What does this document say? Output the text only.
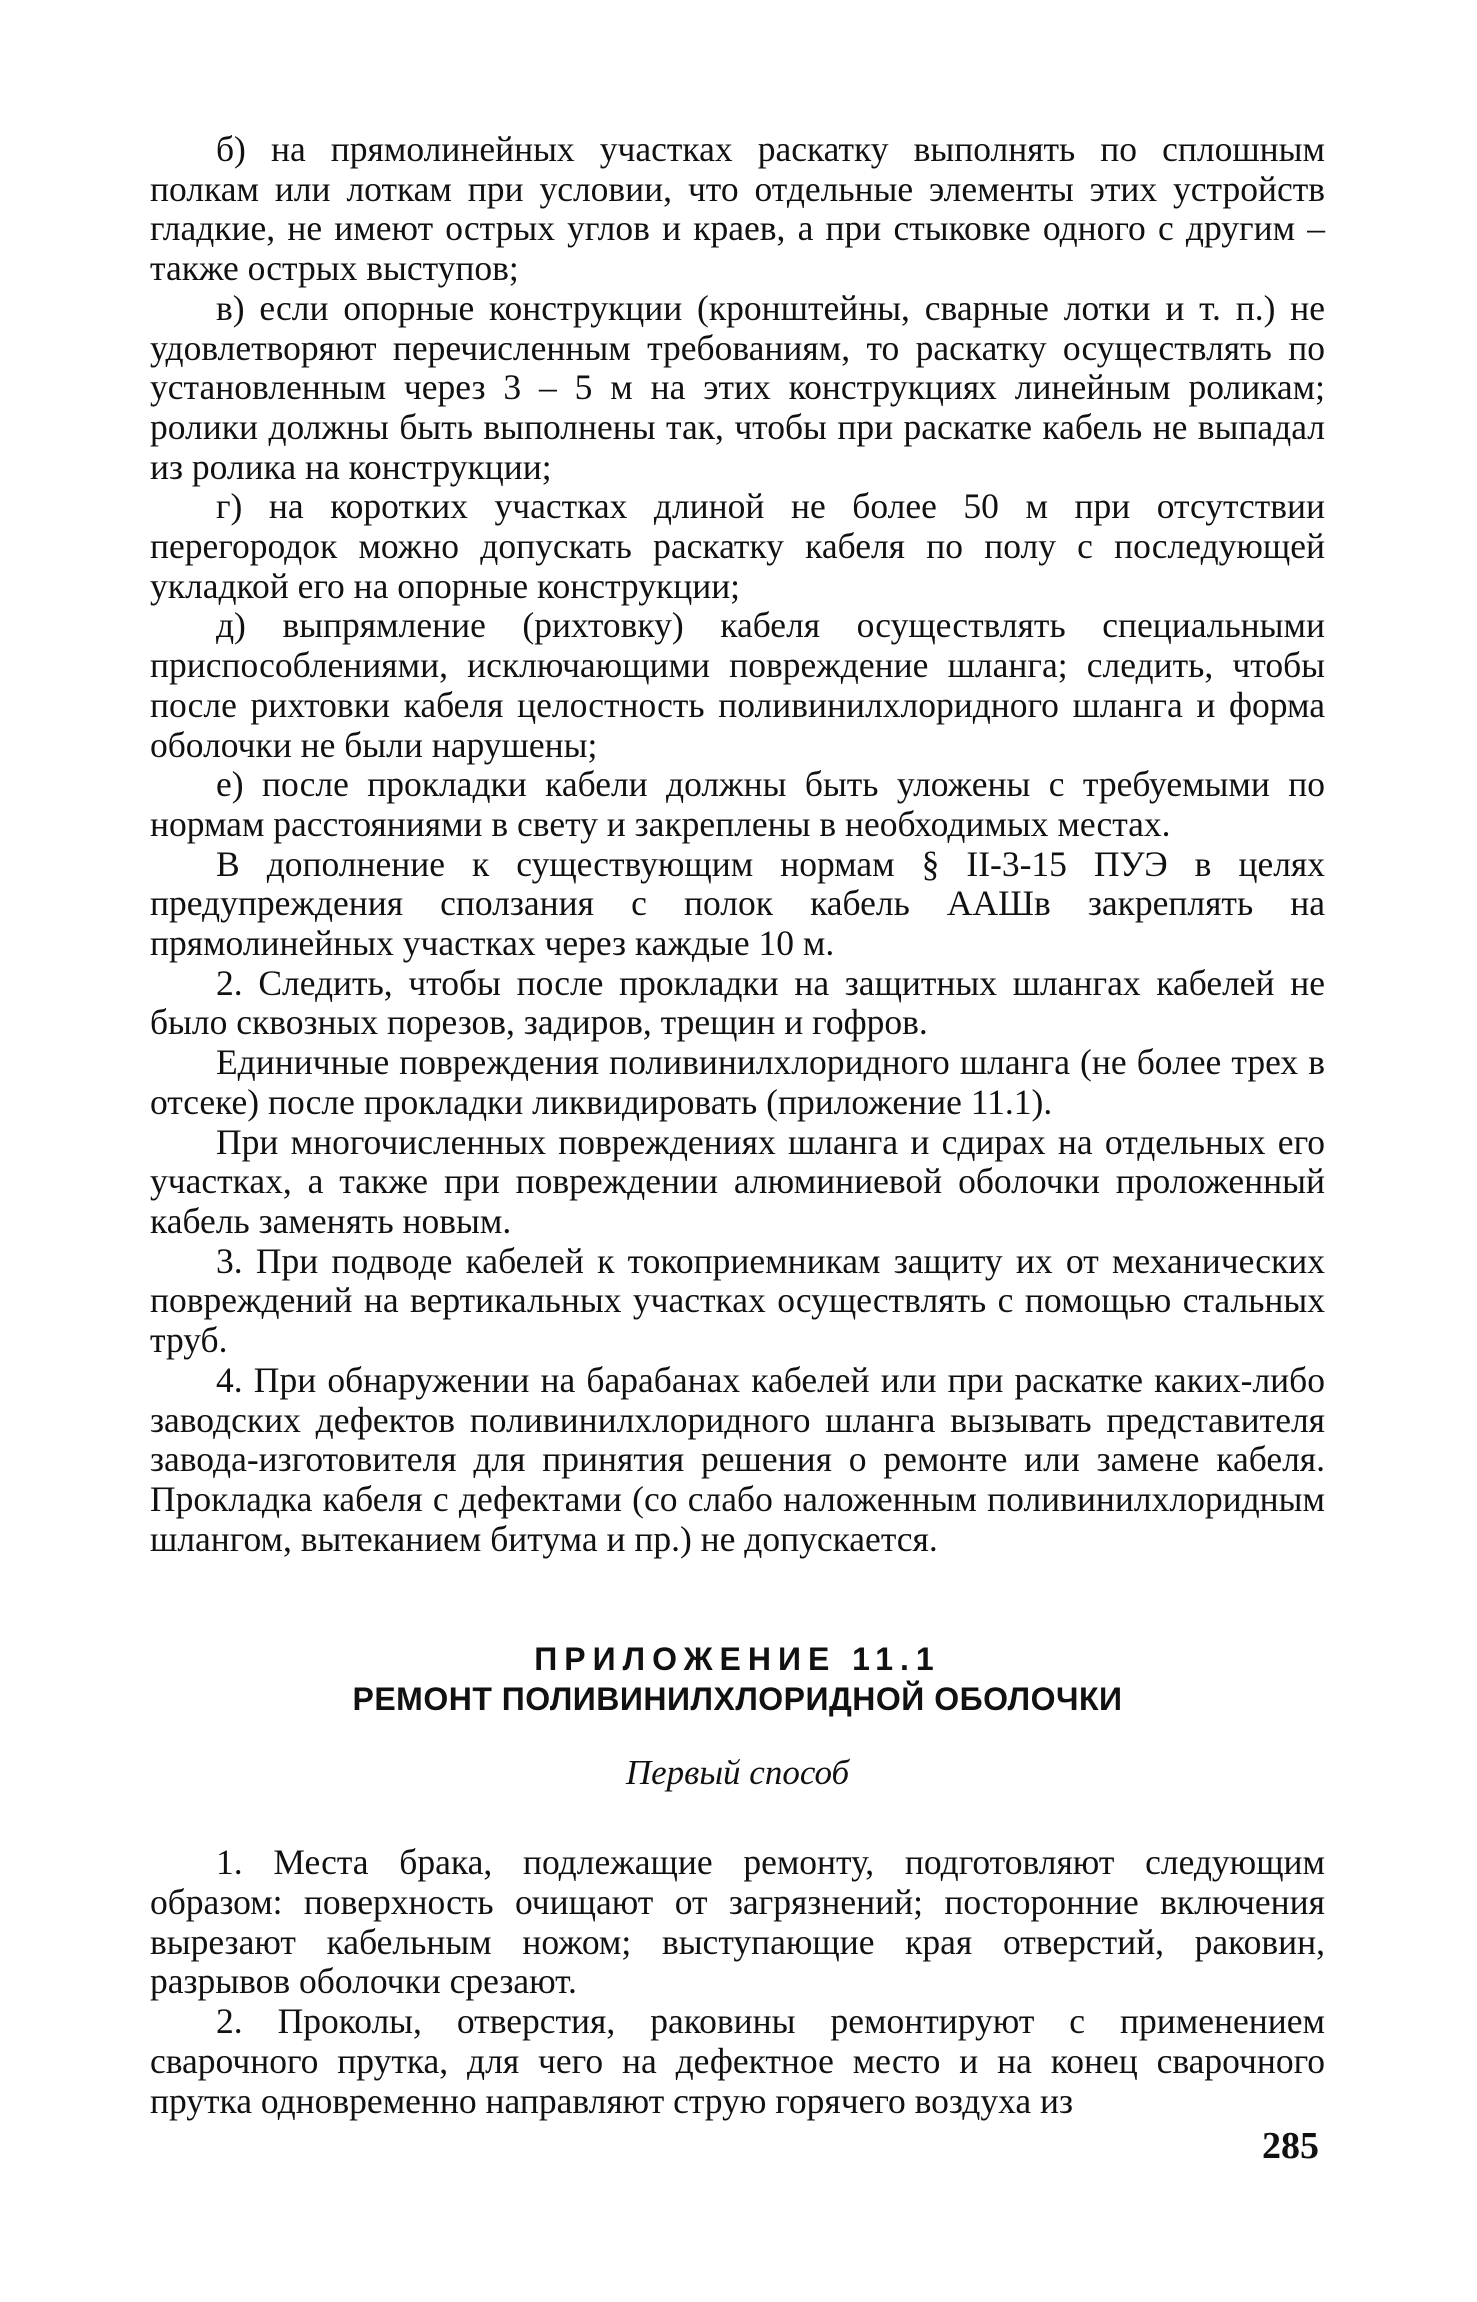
б) на прямолинейных участках раскатку выполнять по сплошным полкам или лоткам при условии, что отдельные элементы этих устройств гладкие, не имеют острых углов и краев, а при стыковке одного с другим – также острых выступов;

в) если опорные конструкции (кронштейны, сварные лотки и т. п.) не удовлетворяют перечисленным требованиям, то раскатку осуществлять по установленным через 3 – 5 м на этих конструкциях линейным роликам; ролики должны быть выполнены так, чтобы при раскатке кабель не выпадал из ролика на конструкции;

г) на коротких участках длиной не более 50 м при отсутствии перегородок можно допускать раскатку кабеля по полу с последующей укладкой его на опорные конструкции;

д) выпрямление (рихтовку) кабеля осуществлять специальными приспособлениями, исключающими повреждение шланга; следить, чтобы после рихтовки кабеля целостность поливинилхлоридного шланга и форма оболочки не были нарушены;

е) после прокладки кабели должны быть уложены с требуемыми по нормам расстояниями в свету и закреплены в необходимых местах.

В дополнение к существующим нормам § II-3-15 ПУЭ в целях предупреждения сползания с полок кабель ААШв закреплять на прямолинейных участках через каждые 10 м.

2. Следить, чтобы после прокладки на защитных шлангах кабелей не было сквозных порезов, задиров, трещин и гофров.

Единичные повреждения поливинилхлоридного шланга (не более трех в отсеке) после прокладки ликвидировать (приложение 11.1).

При многочисленных повреждениях шланга и сдирах на отдельных его участках, а также при повреждении алюминиевой оболочки проложенный кабель заменять новым.

3. При подводе кабелей к токоприемникам защиту их от механических повреждений на вертикальных участках осуществлять с помощью стальных труб.

4. При обнаружении на барабанах кабелей или при раскатке каких-либо заводских дефектов поливинилхлоридного шланга вызывать представителя завода-изготовителя для принятия решения о ремонте или замене кабеля. Прокладка кабеля с дефектами (со слабо наложенным поливинилхлоридным шлангом, вытеканием битума и пр.) не допускается.

ПРИЛОЖЕНИЕ 11.1

РЕМОНТ ПОЛИВИНИЛХЛОРИДНОЙ ОБОЛОЧКИ

Первый способ

1. Места брака, подлежащие ремонту, подготовляют следующим образом: поверхность очищают от загрязнений; посторонние включения вырезают кабельным ножом; выступающие края отверстий, раковин, разрывов оболочки срезают.

2. Проколы, отверстия, раковины ремонтируют с применением сварочного прутка, для чего на дефектное место и на конец сварочного прутка одновременно направляют струю горячего воздуха из

285
